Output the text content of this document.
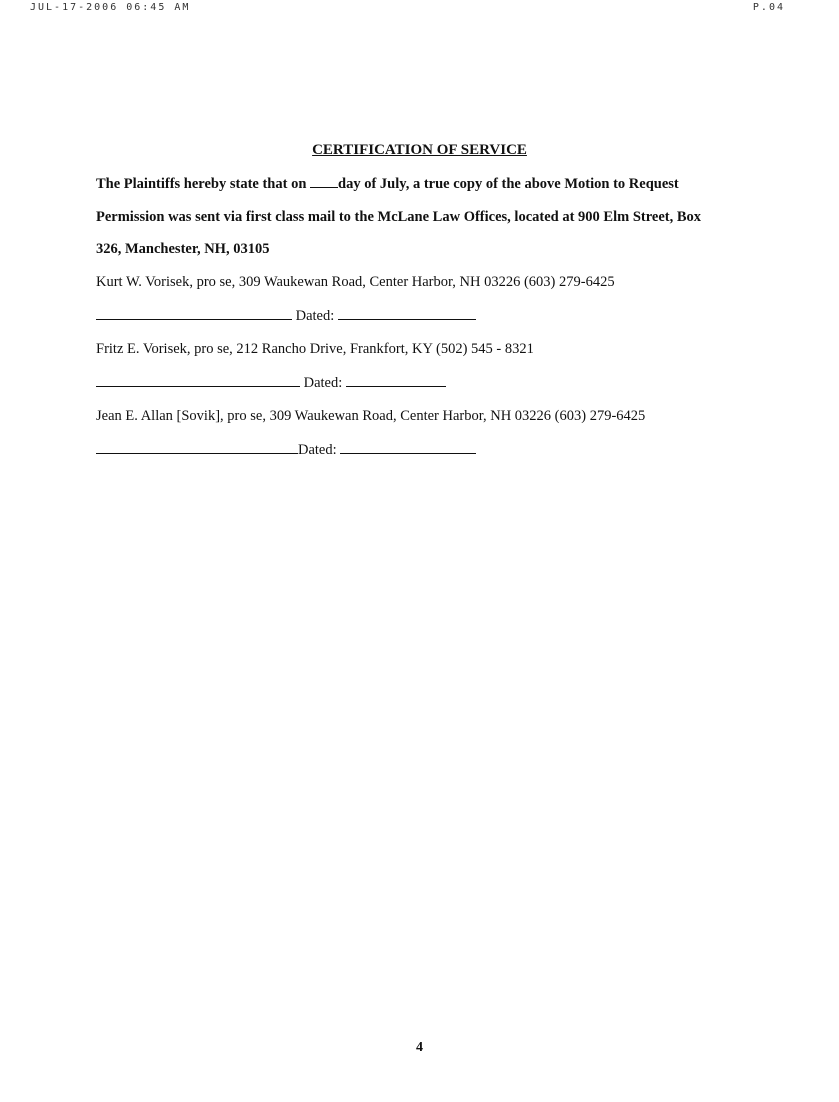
JUL-17-2006 06:45 AM	P.04
CERTIFICATION OF SERVICE
The Plaintiffs hereby state that on day of July, a true copy of the above Motion to Request
Permission was sent via first class mail to the McLane Law Offices, located at 900 Elm Street, Box
326, Manchester, NH, 03105
Kurt W. Vorisek, pro se, 309 Waukewan Road, Center Harbor, NH 03226 (603) 279-6425
Dated:
Fritz E. Vorisek, pro se, 212 Rancho Drive, Frankfort, KY (502) 545 - 8321
Dated:
Jean E. Allan [Sovik], pro se, 309 Waukewan Road, Center Harbor, NH 03226 (603) 279-6425
Dated:
4
